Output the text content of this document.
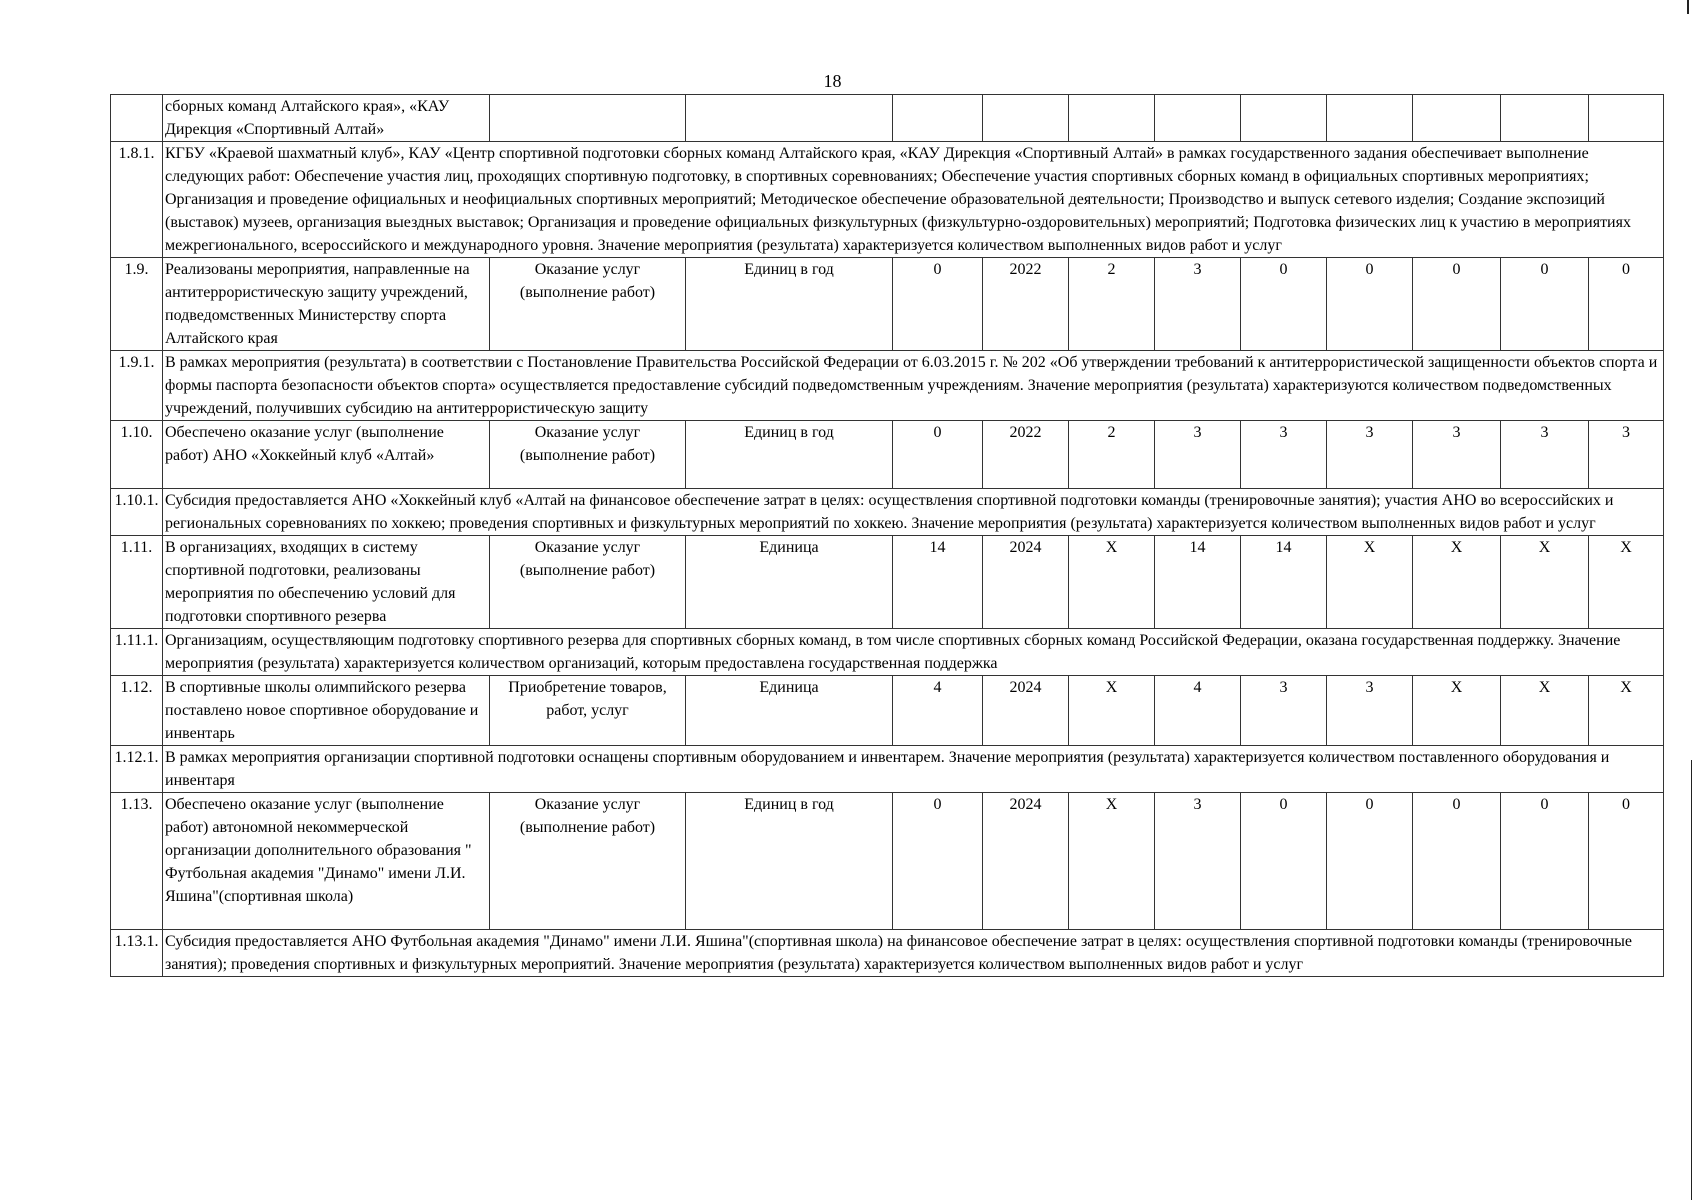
18
	сборных команд Алтайского края», «КАУ Дирекция «Спортивный Алтай»											
1.8.1.	КГБУ «Краевой шахматный клуб», КАУ «Центр спортивной подготовки сборных команд Алтайского края, «КАУ Дирекция «Спортивный Алтай» в рамках государственного задания обеспечивает выполнение следующих работ: Обеспечение участия лиц, проходящих спортивную подготовку, в спортивных соревнованиях; Обеспечение участия спортивных сборных команд в официальных спортивных мероприятиях; Организация и проведение официальных и неофициальных спортивных мероприятий; Методическое обеспечение образовательной деятельности; Производство и выпуск сетевого изделия; Создание экспозиций (выставок) музеев, организация выездных выставок; Организация и проведение официальных физкультурных (физкультурно-оздоровительных) мероприятий; Подготовка физических лиц к участию в мероприятиях межрегионального, всероссийского и международного уровня. Значение мероприятия (результата) характеризуется количеством выполненных видов работ и услуг											
1.9.	Реализованы мероприятия, направленные на антитеррористическую защиту учреждений, подведомственных Министерству спорта Алтайского края	Оказание услуг (выполнение работ)	Единиц в год	0	2022	2	3	0	0	0	0	0
1.9.1.	В рамках мероприятия (результата) в соответствии с Постановление Правительства Российской Федерации от 6.03.2015 г. № 202 «Об утверждении требований к антитеррористической защищенности объектов спорта и формы паспорта безопасности объектов спорта» осуществляется предоставление субсидий подведомственным учреждениям. Значение мероприятия (результата) характеризуются количеством подведомственных учреждений, получивших субсидию на антитеррористическую защиту											
1.10.	Обеспечено оказание услуг (выполнение работ) АНО «Хоккейный клуб «Алтай»	Оказание услуг (выполнение работ)	Единиц в год	0	2022	2	3	3	3	3	3	3
1.10.1.	Субсидия предоставляется АНО «Хоккейный клуб «Алтай на финансовое обеспечение затрат в целях: осуществления спортивной подготовки команды (тренировочные занятия); участия АНО во всероссийских и региональных соревнованиях по хоккею; проведения спортивных и физкультурных мероприятий по хоккею. Значение мероприятия (результата) характеризуется количеством выполненных видов работ и услуг											
1.11.	В организациях, входящих в систему спортивной подготовки, реализованы мероприятия по обеспечению условий для подготовки спортивного резерва	Оказание услуг (выполнение работ)	Единица	14	2024	X	14	14	X	X	X	X
1.11.1.	Организациям, осуществляющим подготовку спортивного резерва для спортивных сборных команд, в том числе спортивных сборных команд Российской Федерации, оказана государственная поддержку. Значение мероприятия (результата) характеризуется количеством организаций, которым предоставлена государственная поддержка											
1.12.	В спортивные школы олимпийского резерва поставлено новое спортивное оборудование и инвентарь	Приобретение товаров, работ, услуг	Единица	4	2024	X	4	3	3	X	X	X
1.12.1.	В рамках мероприятия организации спортивной подготовки оснащены спортивным оборудованием и инвентарем. Значение мероприятия (результата) характеризуется количеством поставленного оборудования и инвентаря											
1.13.	Обеспечено оказание услуг (выполнение работ) автономной некоммерческой организации дополнительного образования " Футбольная академия "Динамо" имени Л.И. Яшина"(спортивная школа)	Оказание услуг (выполнение работ)	Единиц в год	0	2024	X	3	0	0	0	0	0
1.13.1.	Субсидия предоставляется АНО Футбольная академия "Динамо" имени Л.И. Яшина"(спортивная школа) на финансовое обеспечение затрат в целях: осуществления спортивной подготовки команды (тренировочные занятия); проведения спортивных и физкультурных мероприятий. Значение мероприятия (результата) характеризуется количеством выполненных видов работ и услуг											
